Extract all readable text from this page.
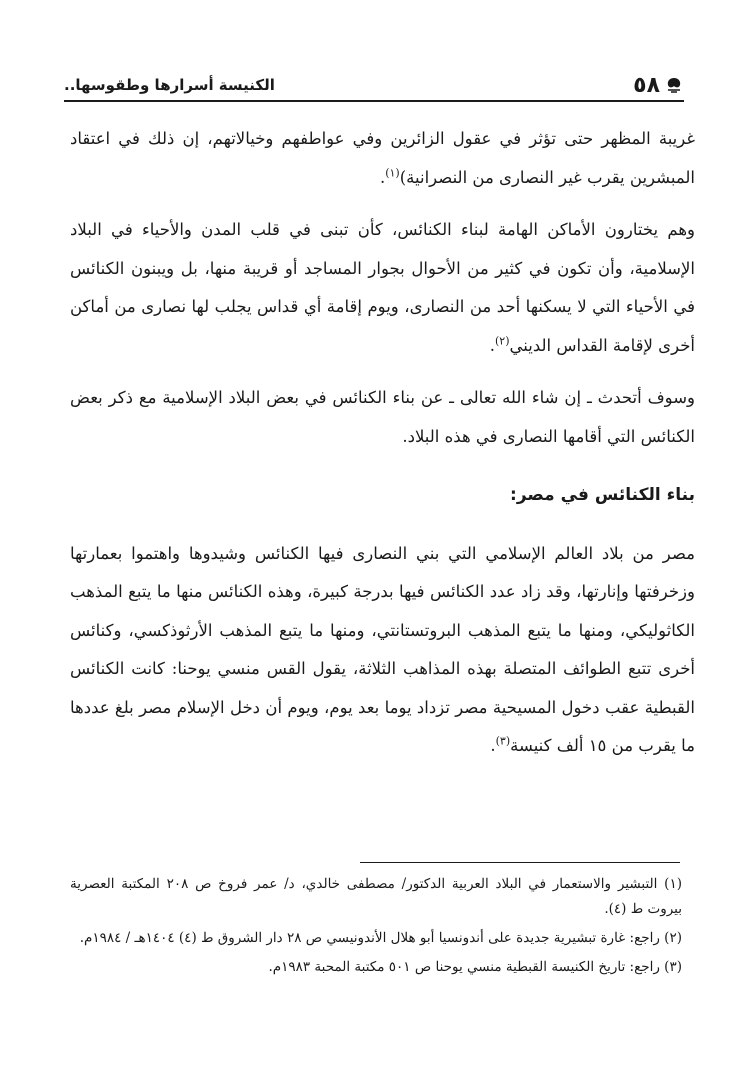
٥٨
الكنيسة أسرارها وطقوسها..

غريبة المظهر حتى تؤثر في عقول الزائرين وفي عواطفهم وخيالاتهم، إن ذلك في اعتقاد المبشرين يقرب غير النصارى من النصرانية)$^{(١)}$.

وهم يختارون الأماكن الهامة لبناء الكنائس، كأن تبنى في قلب المدن والأحياء في البلاد الإسلامية، وأن تكون في كثير من الأحوال بجوار المساجد أو قريبة منها، بل ويبنون الكنائس في الأحياء التي لا يسكنها أحد من النصارى، ويوم إقامة أي قداس يجلب لها نصارى من أماكن أخرى لإقامة القداس الديني$^{(٢)}$.

وسوف أتحدث ـ إن شاء الله تعالى ـ عن بناء الكنائس في بعض البلاد الإسلامية مع ذكر بعض الكنائس التي أقامها النصارى في هذه البلاد.

بناء الكنائس في مصر:

مصر من بلاد العالم الإسلامي التي بني النصارى فيها الكنائس وشيدوها واهتموا بعمارتها وزخرفتها وإنارتها، وقد زاد عدد الكنائس فيها بدرجة كبيرة، وهذه الكنائس منها ما يتبع المذهب الكاثوليكي، ومنها ما يتبع المذهب البروتستانتي، ومنها ما يتبع المذهب الأرثوذكسي، وكنائس أخرى تتبع الطوائف المتصلة بهذه المذاهب الثلاثة، يقول القس منسي يوحنا: كانت الكنائس القبطية عقب دخول المسيحية مصر تزداد يوما بعد يوم، ويوم أن دخل الإسلام مصر بلغ عددها ما يقرب من ١٥ ألف كنيسة$^{(٣)}$.

(١) التبشير والاستعمار في البلاد العربية الدكتور/ مصطفى خالدي، د/ عمر فروخ ص ٢٠٨ المكتبة العصرية بيروت ط (٤).

(٢) راجع: غارة تبشيرية جديدة على أندونسيا أبو هلال الأندونيسي ص ٢٨ دار الشروق ط (٤) ١٤٠٤هـ / ١٩٨٤م.

(٣) راجع: تاريخ الكنيسة القبطية منسي يوحنا ص ٥٠١ مكتبة المحبة ١٩٨٣م.
